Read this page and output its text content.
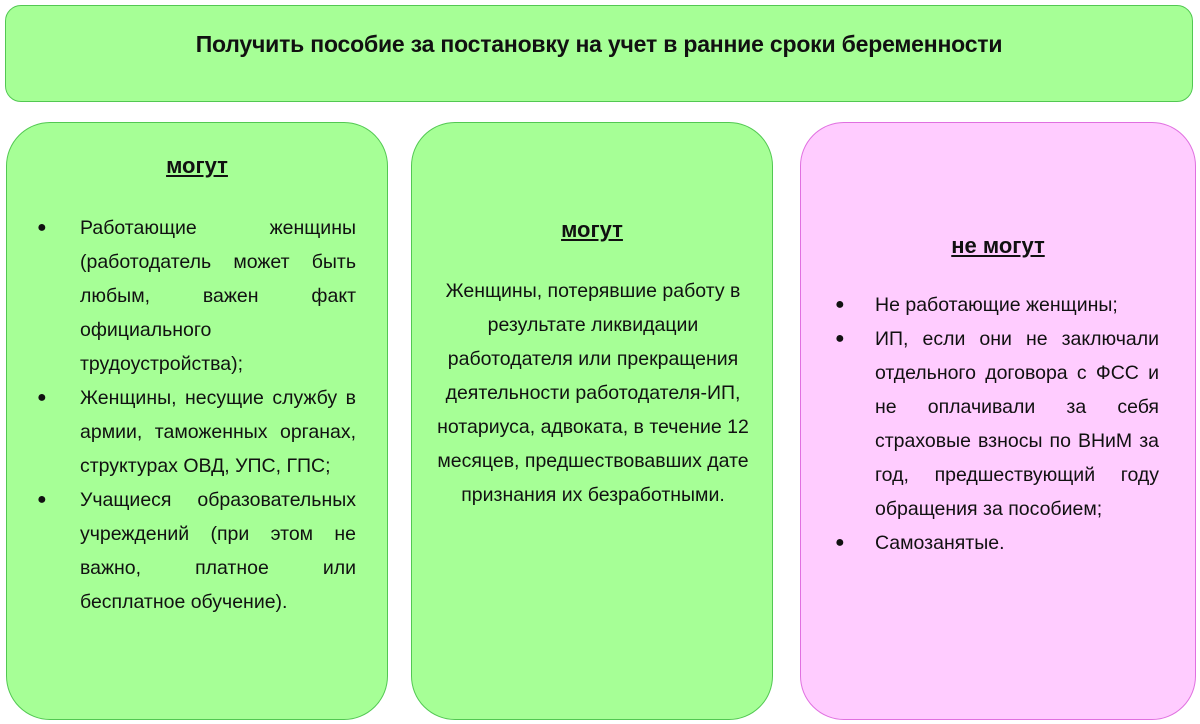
Получить пособие за постановку на учет в ранние сроки беременности
могут
● Работающие женщины (работодатель может быть любым, важен факт официального трудоустройства);
● Женщины, несущие службу в армии, таможенных органах, структурах ОВД, УПС, ГПС;
● Учащиеся образовательных учреждений (при этом не важно, платное или бесплатное обучение).
могут
Женщины, потерявшие работу в результате ликвидации работодателя или прекращения деятельности работодателя-ИП, нотариуса, адвоката, в течение 12 месяцев, предшествовавших дате признания их безработными.
не могут
● Не работающие женщины;
● ИП, если они не заключали отдельного договора с ФСС и не оплачивали за себя страховые взносы по ВНиМ за год, предшествующий году обращения за пособием;
● Самозанятые.
